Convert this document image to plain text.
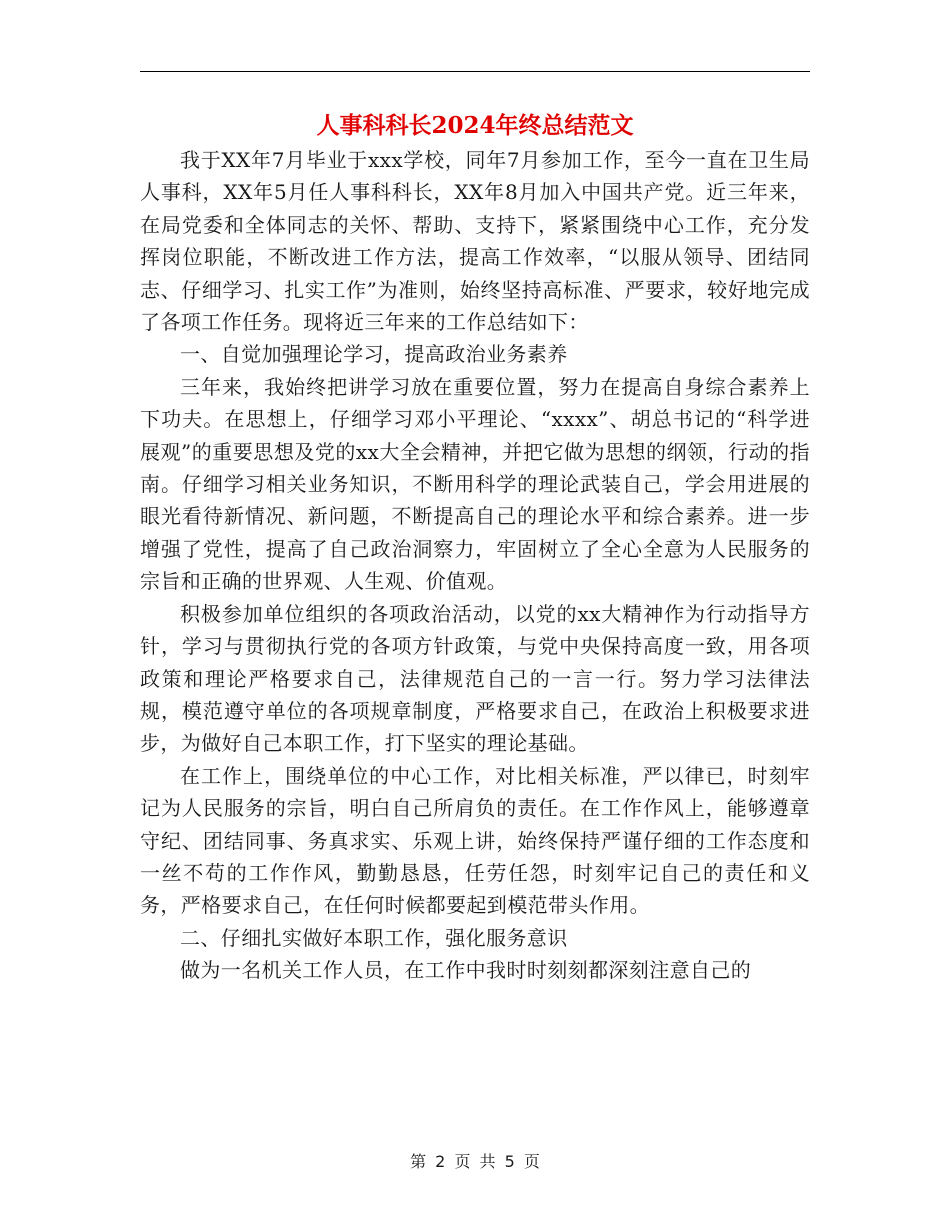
人事科科长2024年终总结范文

我于XX年7月毕业于xxx学校，同年7月参加工作，至今一直在卫生局人事科，XX年5月任人事科科长，XX年8月加入中国共产党。近三年来，在局党委和全体同志的关怀、帮助、支持下，紧紧围绕中心工作，充分发挥岗位职能，不断改进工作方法，提高工作效率，“以服从领导、团结同志、仔细学习、扎实工作”为准则，始终坚持高标准、严要求，较好地完成了各项工作任务。现将近三年来的工作总结如下：

一、自觉加强理论学习，提高政治业务素养

三年来，我始终把讲学习放在重要位置，努力在提高自身综合素养上下功夫。在思想上，仔细学习邓小平理论、“xxxx”、胡总书记的“科学进展观”的重要思想及党的xx大全会精神，并把它做为思想的纲领，行动的指南。仔细学习相关业务知识，不断用科学的理论武装自己，学会用进展的眼光看待新情况、新问题，不断提高自己的理论水平和综合素养。进一步增强了党性，提高了自己政治洞察力，牢固树立了全心全意为人民服务的宗旨和正确的世界观、人生观、价值观。

积极参加单位组织的各项政治活动，以党的xx大精神作为行动指导方针，学习与贯彻执行党的各项方针政策，与党中央保持高度一致，用各项政策和理论严格要求自己，法律规范自己的一言一行。努力学习法律法规，模范遵守单位的各项规章制度，严格要求自己，在政治上积极要求进步，为做好自己本职工作，打下坚实的理论基础。

在工作上，围绕单位的中心工作，对比相关标准，严以律已，时刻牢记为人民服务的宗旨，明白自己所肩负的责任。在工作作风上，能够遵章守纪、团结同事、务真求实、乐观上讲，始终保持严谨仔细的工作态度和一丝不苟的工作作风，勤勤恳恳，任劳任怨，时刻牢记自己的责任和义务，严格要求自己，在任何时候都要起到模范带头作用。

二、仔细扎实做好本职工作，强化服务意识

做为一名机关工作人员，在工作中我时时刻刻都深刻注意自己的

第 2 页 共 5 页
